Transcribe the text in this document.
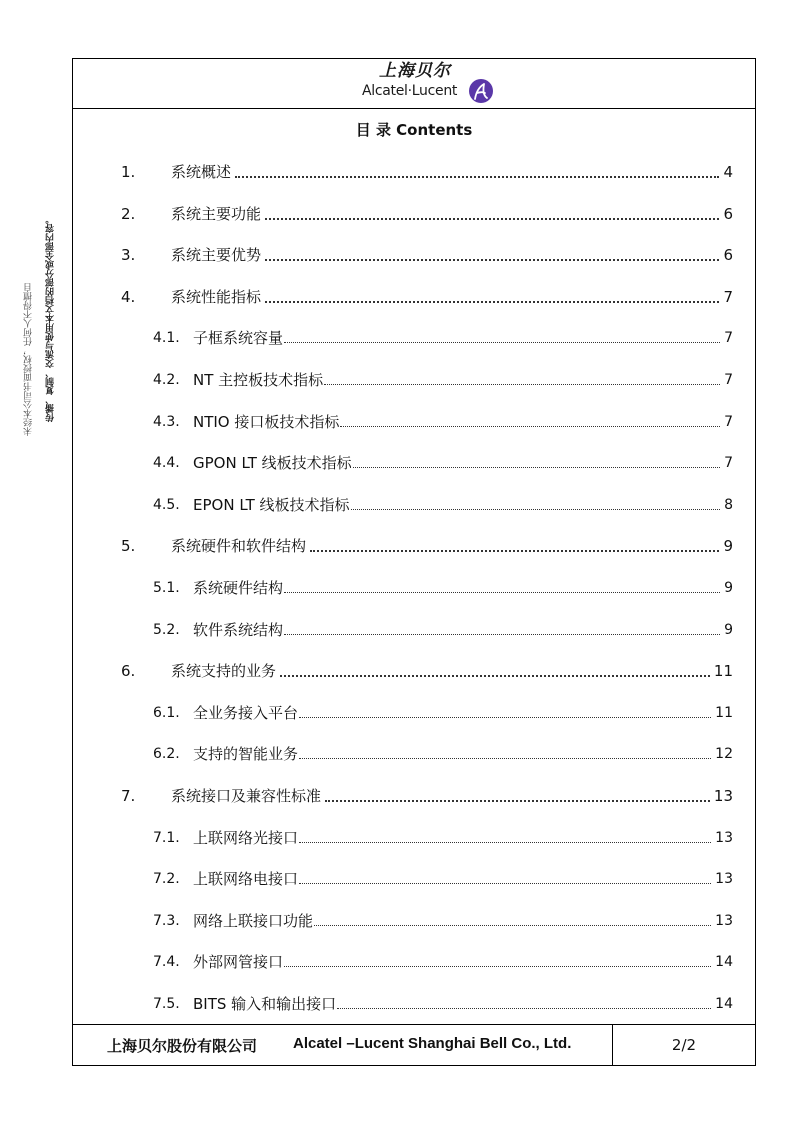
未经本公司书面授权，任何人不得擅自 传播、复制、交流与使用本文档的部分或全部内容。
上海贝尔
Alcatel·Lucent
目 录 Contents
1.	系统概述	4
2.	系统主要功能	6
3.	系统主要优势	6
4.	系统性能指标	7
4.1. 子框系统容量	7
4.2. NT 主控板技术指标	7
4.3. NTIO 接口板技术指标	7
4.4. GPON LT 线板技术指标	7
4.5. EPON LT 线板技术指标	8
5.	系统硬件和软件结构	9
5.1. 系统硬件结构	9
5.2. 软件系统结构	9
6.	系统支持的业务	11
6.1. 全业务接入平台	11
6.2. 支持的智能业务	12
7.	系统接口及兼容性标准	13
7.1. 上联网络光接口	13
7.2. 上联网络电接口	13
7.3. 网络上联接口功能	13
7.4. 外部网管接口	14
7.5. BITS 输入和输出接口	14
上海贝尔股份有限公司 Alcatel –Lucent Shanghai Bell Co., Ltd.	2/2
